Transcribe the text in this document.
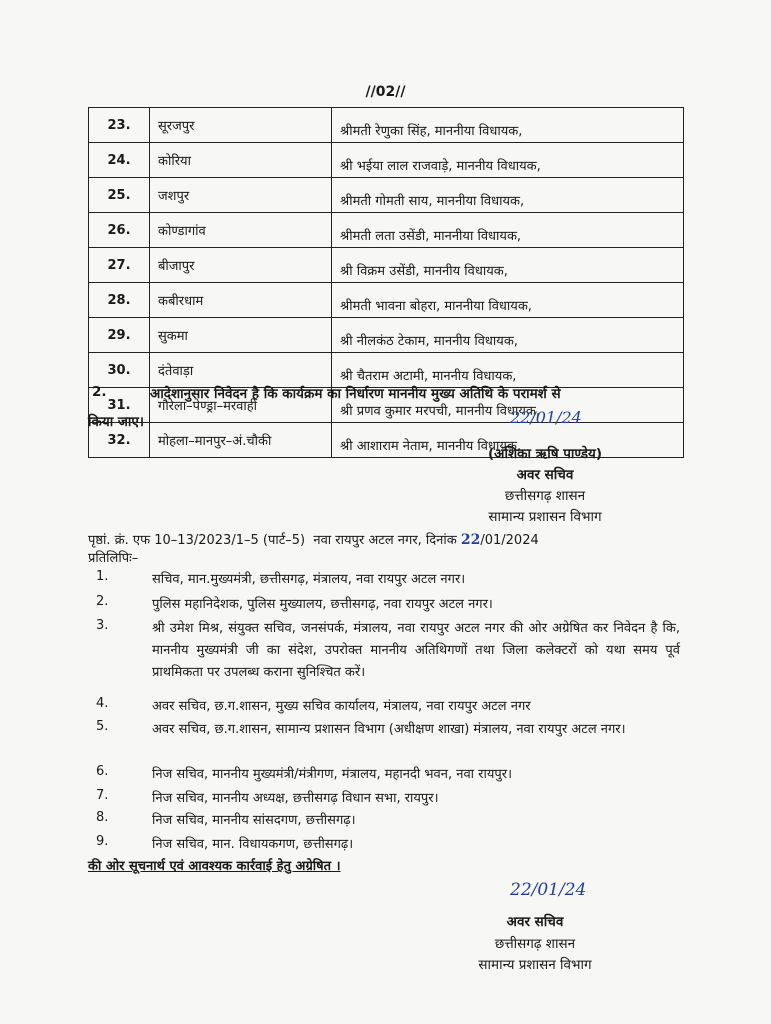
//02//
23.	सूरजपुर	श्रीमती रेणुका सिंह, माननीया विधायक,
24.	कोरिया	श्री भईया लाल राजवाड़े, माननीय विधायक,
25.	जशपुर	श्रीमती गोमती साय, माननीया विधायक,
26.	कोण्डागांव	श्रीमती लता उसेंडी, माननीया विधायक,
27.	बीजापुर	श्री विक्रम उसेंडी, माननीय विधायक,
28.	कबीरधाम	श्रीमती भावना बोहरा, माननीया विधायक,
29.	सुकमा	श्री नीलकंठ टेकाम, माननीय विधायक,
30.	दंतेवाड़ा	श्री चैतराम अटामी, माननीय विधायक,
31.	गौरेला–पेण्ड्रा–मरवाही	श्री प्रणव कुमार मरपची, माननीय विधायक,
32.	मोहला–मानपुर–अं.चौकी	श्री आशाराम नेताम, माननीय विधायक,
2.	आदेशानुसार निवेदन है कि कार्यक्रम का निर्धारण माननीय मुख्य अतिथि के परामर्श से
किया जाए।	22/01/24
(अंशिका ऋषि पाण्डेय)
अवर सचिव
छत्तीसगढ़ शासन
सामान्य प्रशासन विभाग
पृष्ठां. क्रं. एफ 10–13/2023/1–5 (पार्ट–5)  नवा रायपुर अटल नगर, दिनांक 22/01/2024
प्रतिलिपिः–
1.	सचिव, मान.मुख्यमंत्री, छत्तीसगढ़, मंत्रालय, नवा रायपुर अटल नगर।
2.	पुलिस महानिदेशक, पुलिस मुख्यालय, छत्तीसगढ़, नवा रायपुर अटल नगर।
3.	श्री उमेश मिश्र, संयुक्त सचिव, जनसंपर्क, मंत्रालय, नवा रायपुर अटल नगर की ओर अग्रेषित कर निवेदन है कि, माननीय मुख्यमंत्री जी का संदेश, उपरोक्त माननीय अतिथिगणों तथा जिला कलेक्टरों को यथा समय पूर्व प्राथमिकता पर उपलब्ध कराना सुनिश्चित करें।
4.	अवर सचिव, छ.ग.शासन, मुख्य सचिव कार्यालय, मंत्रालय, नवा रायपुर अटल नगर
5.	अवर सचिव, छ.ग.शासन, सामान्य प्रशासन विभाग (अधीक्षण शाखा) मंत्रालय, नवा रायपुर अटल नगर।
6.	निज सचिव, माननीय मुख्यमंत्री/मंत्रीगण, मंत्रालय, महानदी भवन, नवा रायपुर।
7.	निज सचिव, माननीय अध्यक्ष, छत्तीसगढ़ विधान सभा, रायपुर।
8.	निज सचिव, माननीय सांसदगण, छत्तीसगढ़।
9.	निज सचिव, मान. विधायकगण, छत्तीसगढ़।
की ओर सूचनार्थ एवं आवश्यक कार्रवाई हेतु अग्रेषित ।
22/01/24
अवर सचिव
छत्तीसगढ़ शासन
सामान्य प्रशासन विभाग
